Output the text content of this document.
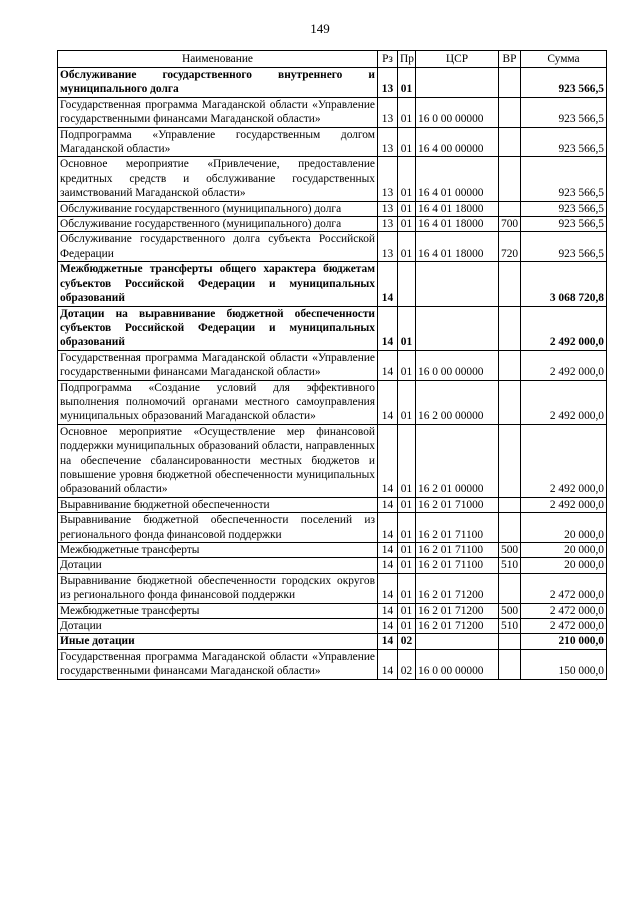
149
Наименование	Рз	Пр	ЦСР	ВР	Сумма
Обслуживание государственного внутреннего и муниципального долга	13	01			923 566,5
Государственная программа Магаданской области «Управление государственными финансами Магаданской области»	13	01	16 0 00 00000		923 566,5
Подпрограмма «Управление государственным долгом Магаданской области»	13	01	16 4 00 00000		923 566,5
Основное мероприятие «Привлечение, предоставление кредитных средств и обслуживание государственных заимствований Магаданской области»	13	01	16 4 01 00000		923 566,5
Обслуживание государственного (муниципального) долга	13	01	16 4 01 18000		923 566,5
Обслуживание государственного (муниципального) долга	13	01	16 4 01 18000	700	923 566,5
Обслуживание государственного долга субъекта Российской Федерации	13	01	16 4 01 18000	720	923 566,5
Межбюджетные трансферты общего характера бюджетам субъектов Российской Федерации и муниципальных образований	14				3 068 720,8
Дотации на выравнивание бюджетной обеспеченности субъектов Российской Федерации и муниципальных образований	14	01			2 492 000,0
Государственная программа Магаданской области «Управление государственными финансами Магаданской области»	14	01	16 0 00 00000		2 492 000,0
Подпрограмма «Создание условий для эффективного выполнения полномочий органами местного самоуправления муниципальных образований Магаданской области»	14	01	16 2 00 00000		2 492 000,0
Основное мероприятие «Осуществление мер финансовой поддержки муниципальных образований области, направленных на обеспечение сбалансированности местных бюджетов и повышение уровня бюджетной обеспеченности муниципальных образований области»	14	01	16 2 01 00000		2 492 000,0
Выравнивание бюджетной обеспеченности	14	01	16 2 01 71000		2 492 000,0
Выравнивание бюджетной обеспеченности поселений из регионального фонда финансовой поддержки	14	01	16 2 01 71100		20 000,0
Межбюджетные трансферты	14	01	16 2 01 71100	500	20 000,0
Дотации	14	01	16 2 01 71100	510	20 000,0
Выравнивание бюджетной обеспеченности городских округов из регионального фонда финансовой поддержки	14	01	16 2 01 71200		2 472 000,0
Межбюджетные трансферты	14	01	16 2 01 71200	500	2 472 000,0
Дотации	14	01	16 2 01 71200	510	2 472 000,0
Иные дотации	14	02			210 000,0
Государственная программа Магаданской области «Управление государственными финансами Магаданской области»	14	02	16 0 00 00000		150 000,0
